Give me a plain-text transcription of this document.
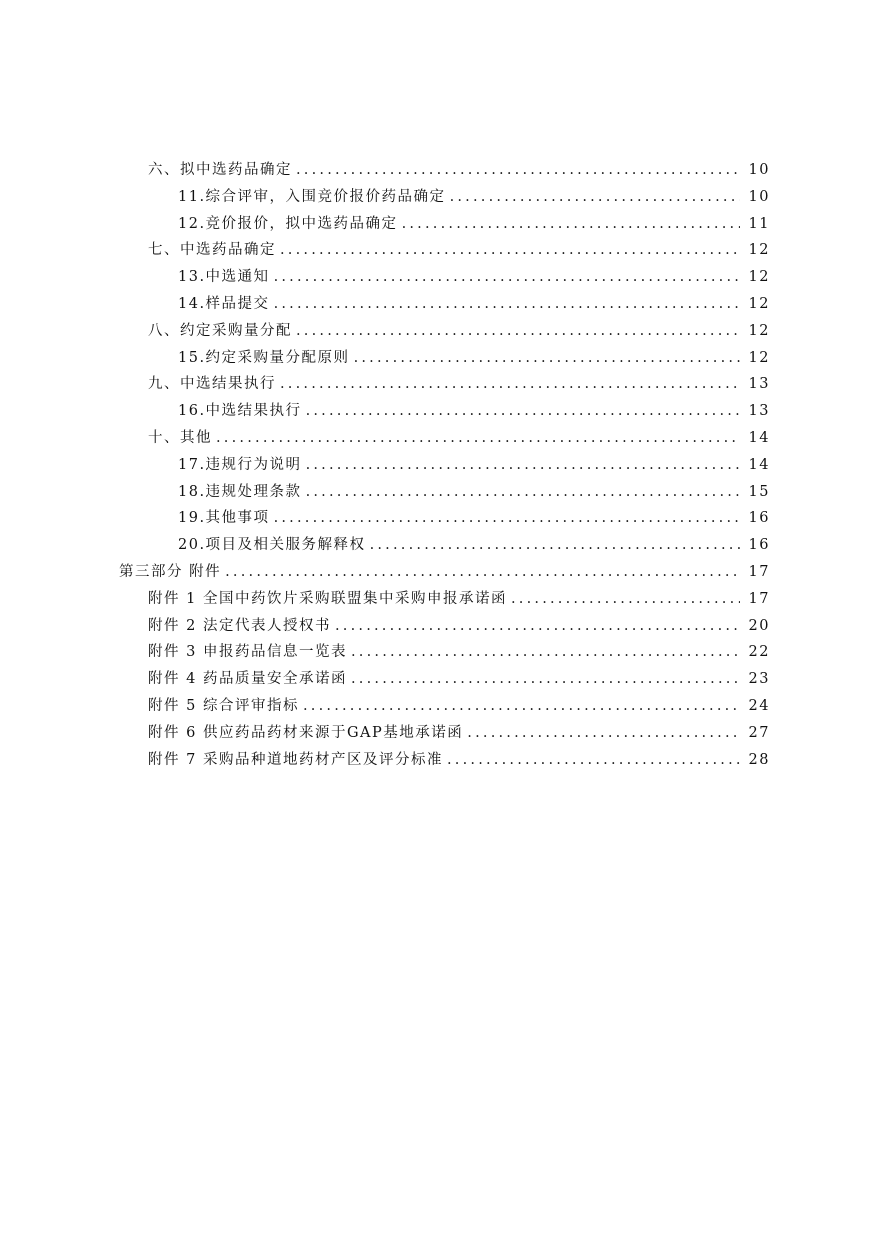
六、拟中选药品确定 .....	10
11.综合评审，入围竞价报价药品确定 .....	10
12.竞价报价，拟中选药品确定 .....	11
七、中选药品确定 .....	12
13.中选通知 .....	12
14.样品提交 .....	12
八、约定采购量分配 .....	12
15.约定采购量分配原则 .....	12
九、中选结果执行 .....	13
16.中选结果执行 .....	13
十、其他 .....	14
17.违规行为说明 .....	14
18.违规处理条款 .....	15
19.其他事项 .....	16
20.项目及相关服务解释权 .....	16
第三部分 附件 .....	17
附件 1 全国中药饮片采购联盟集中采购申报承诺函 .....	17
附件 2 法定代表人授权书 .....	20
附件 3 申报药品信息一览表 .....	22
附件 4 药品质量安全承诺函 .....	23
附件 5 综合评审指标 .....	24
附件 6 供应药品药材来源于GAP基地承诺函 .....	27
附件 7 采购品种道地药材产区及评分标准 .....	28
